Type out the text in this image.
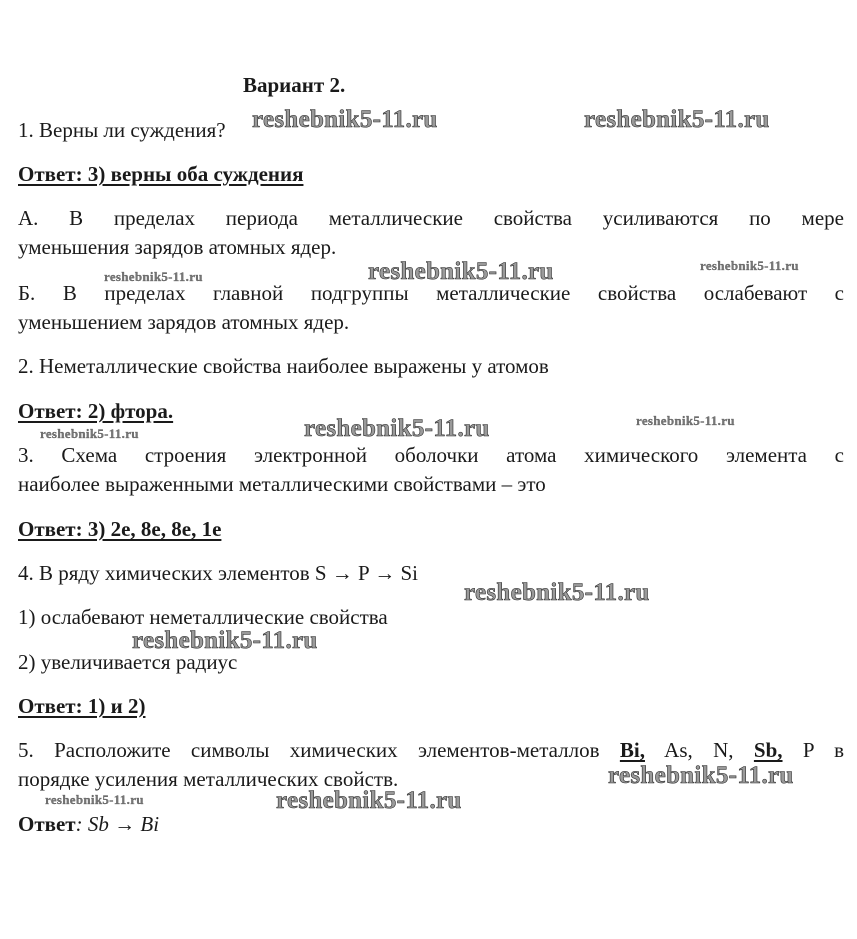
Вариант 2.
1. Верны ли суждения?
Ответ: 3) верны оба суждения
А. В пределах периода металлические свойства усиливаются по мере
уменьшения зарядов атомных ядер.
Б. В пределах главной подгруппы металлические свойства ослабевают с
уменьшением зарядов атомных ядер.
2. Неметаллические свойства наиболее выражены у атомов
Ответ: 2) фтора.
3. Схема строения электронной оболочки атома химического элемента с
наиболее выраженными металлическими свойствами – это
Ответ: 3) 2e, 8e, 8e, 1e
4. В ряду химических элементов S → P → Si
1) ослабевают неметаллические свойства
2) увеличивается радиус
Ответ: 1) и 2)
5. Расположите символы химических элементов-металлов Bi, As, N, Sb, P в
порядке усиления металлических свойств.
Ответ: Sb → Bi
reshebnik5-11.ru	reshebnik5-11.ru
reshebnik5-11.ru	reshebnik5-11.ru	reshebnik5-11.ru
reshebnik5-11.ru	reshebnik5-11.ru	reshebnik5-11.ru
reshebnik5-11.ru
reshebnik5-11.ru
reshebnik5-11.ru
reshebnik5-11.ru	reshebnik5-11.ru
